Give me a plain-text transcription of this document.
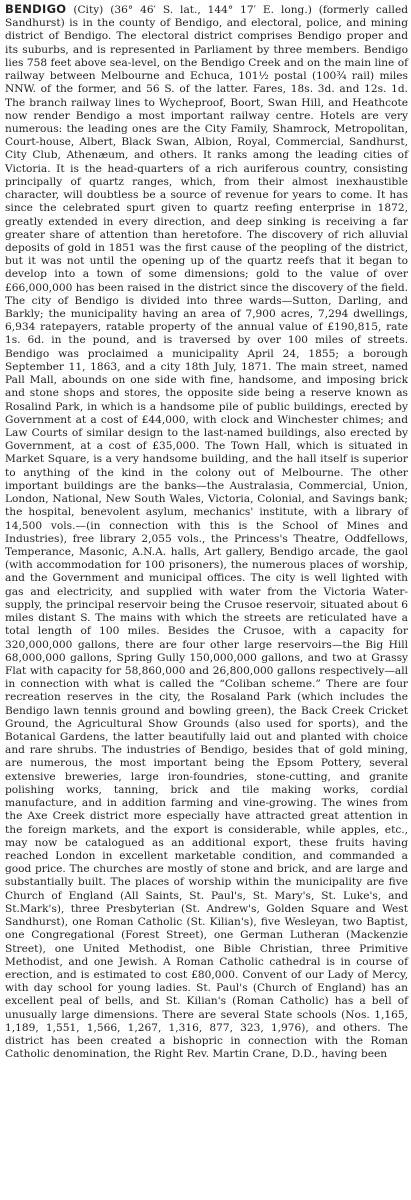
BENDIGO (City) (36° 46′ S. lat., 144° 17′ E. long.) (formerly called Sandhurst) is in the county of Bendigo, and electoral, police, and mining district of Bendigo. The electoral district comprises Bendigo proper and its suburbs, and is represented in Parliament by three members. Bendigo lies 758 feet above sea-level, on the Bendigo Creek and on the main line of railway between Melbourne and Echuca, 101½ postal (100¾ rail) miles NNW. of the former, and 56 S. of the latter. Fares, 18s. 3d. and 12s. 1d. The branch railway lines to Wycheproof, Boort, Swan Hill, and Heathcote now render Bendigo a most important railway centre. Hotels are very numerous: the leading ones are the City Family, Shamrock, Metropolitan, Court-house, Albert, Black Swan, Albion, Royal, Commercial, Sandhurst, City Club, Athenæum, and others. It ranks among the leading cities of Victoria. It is the head-quarters of a rich auriferous country, consisting principally of quartz ranges, which, from their almost inexhaustible character, will doubtless be a source of revenue for years to come. It has since the celebrated spurt given to quartz reefing enterprise in 1872, greatly extended in every direction, and deep sinking is receiving a far greater share of attention than heretofore. The discovery of rich alluvial deposits of gold in 1851 was the first cause of the peopling of the district, but it was not until the opening up of the quartz reefs that it began to develop into a town of some dimensions; gold to the value of over £66,000,000 has been raised in the district since the discovery of the field. The city of Bendigo is divided into three wards—Sutton, Darling, and Barkly; the municipality having an area of 7,900 acres, 7,294 dwellings, 6,934 ratepayers, ratable property of the annual value of £190,815, rate 1s. 6d. in the pound, and is traversed by over 100 miles of streets. Bendigo was proclaimed a municipality April 24, 1855; a borough September 11, 1863, and a city 18th July, 1871. The main street, named Pall Mall, abounds on one side with fine, handsome, and imposing brick and stone shops and stores, the opposite side being a reserve known as Rosalind Park, in which is a handsome pile of public buildings, erected by Government at a cost of £44,000, with clock and Winchester chimes; and Law Courts of similar design to the last-named buildings, also erected by Government, at a cost of £35,000. The Town Hall, which is situated in Market Square, is a very handsome building, and the hall itself is superior to anything of the kind in the colony out of Melbourne. The other important buildings are the banks—the Australasia, Commercial, Union, London, National, New South Wales, Victoria, Colonial, and Savings bank; the hospital, benevolent asylum, mechanics' institute, with a library of 14,500 vols.—(in connection with this is the School of Mines and Industries), free library 2,055 vols., the Princess's Theatre, Oddfellows, Temperance, Masonic, A.N.A. halls, Art gallery, Bendigo arcade, the gaol (with accommodation for 100 prisoners), the numerous places of worship, and the Government and municipal offices. The city is well lighted with gas and electricity, and supplied with water from the Victoria Water-supply, the principal reservoir being the Crusoe reservoir, situated about 6 miles distant S. The mains with which the streets are reticulated have a total length of 100 miles. Besides the Crusoe, with a capacity for 320,000,000 gallons, there are four other large reservoirs—the Big Hill 68,000,000 gallons, Spring Gully 150,000,000 gallons, and two at Grassy Flat with capacity for 58,860,000 and 26,800,000 gallons respectively—all in connection with what is called the “Coliban scheme.” There are four recreation reserves in the city, the Rosaland Park (which includes the Bendigo lawn tennis ground and bowling green), the Back Creek Cricket Ground, the Agricultural Show Grounds (also used for sports), and the Botanical Gardens, the latter beautifully laid out and planted with choice and rare shrubs. The industries of Bendigo, besides that of gold mining, are numerous, the most important being the Epsom Pottery, several extensive breweries, large iron-foundries, stone-cutting, and granite polishing works, tanning, brick and tile making works, cordial manufacture, and in addition farming and vine-growing. The wines from the Axe Creek district more especially have attracted great attention in the foreign markets, and the export is considerable, while apples, etc., may now be catalogued as an additional export, these fruits having reached London in excellent marketable condition, and commanded a good price. The churches are mostly of stone and brick, and are large and substantially built. The places of worship within the municipality are five Church of England (All Saints, St. Paul's, St. Mary's, St. Luke's, and St.Mark's), three Presbyterian (St. Andrew's, Golden Square and West Sandhurst), one Roman Catholic (St. Kilian's), five Wesleyan, two Baptist, one Congregational (Forest Street), one German Lutheran (Mackenzie Street), one United Methodist, one Bible Christian, three Primitive Methodist, and one Jewish. A Roman Catholic cathedral is in course of erection, and is estimated to cost £80,000. Convent of our Lady of Mercy, with day school for young ladies. St. Paul's (Church of England) has an excellent peal of bells, and St. Kilian's (Roman Catholic) has a bell of unusually large dimensions. There are several State schools (Nos. 1,165, 1,189, 1,551, 1,566, 1,267, 1,316, 877, 323, 1,976), and others. The district has been created a bishopric in connection with the Roman Catholic denomination, the Right Rev. Martin Crane, D.D., having been
